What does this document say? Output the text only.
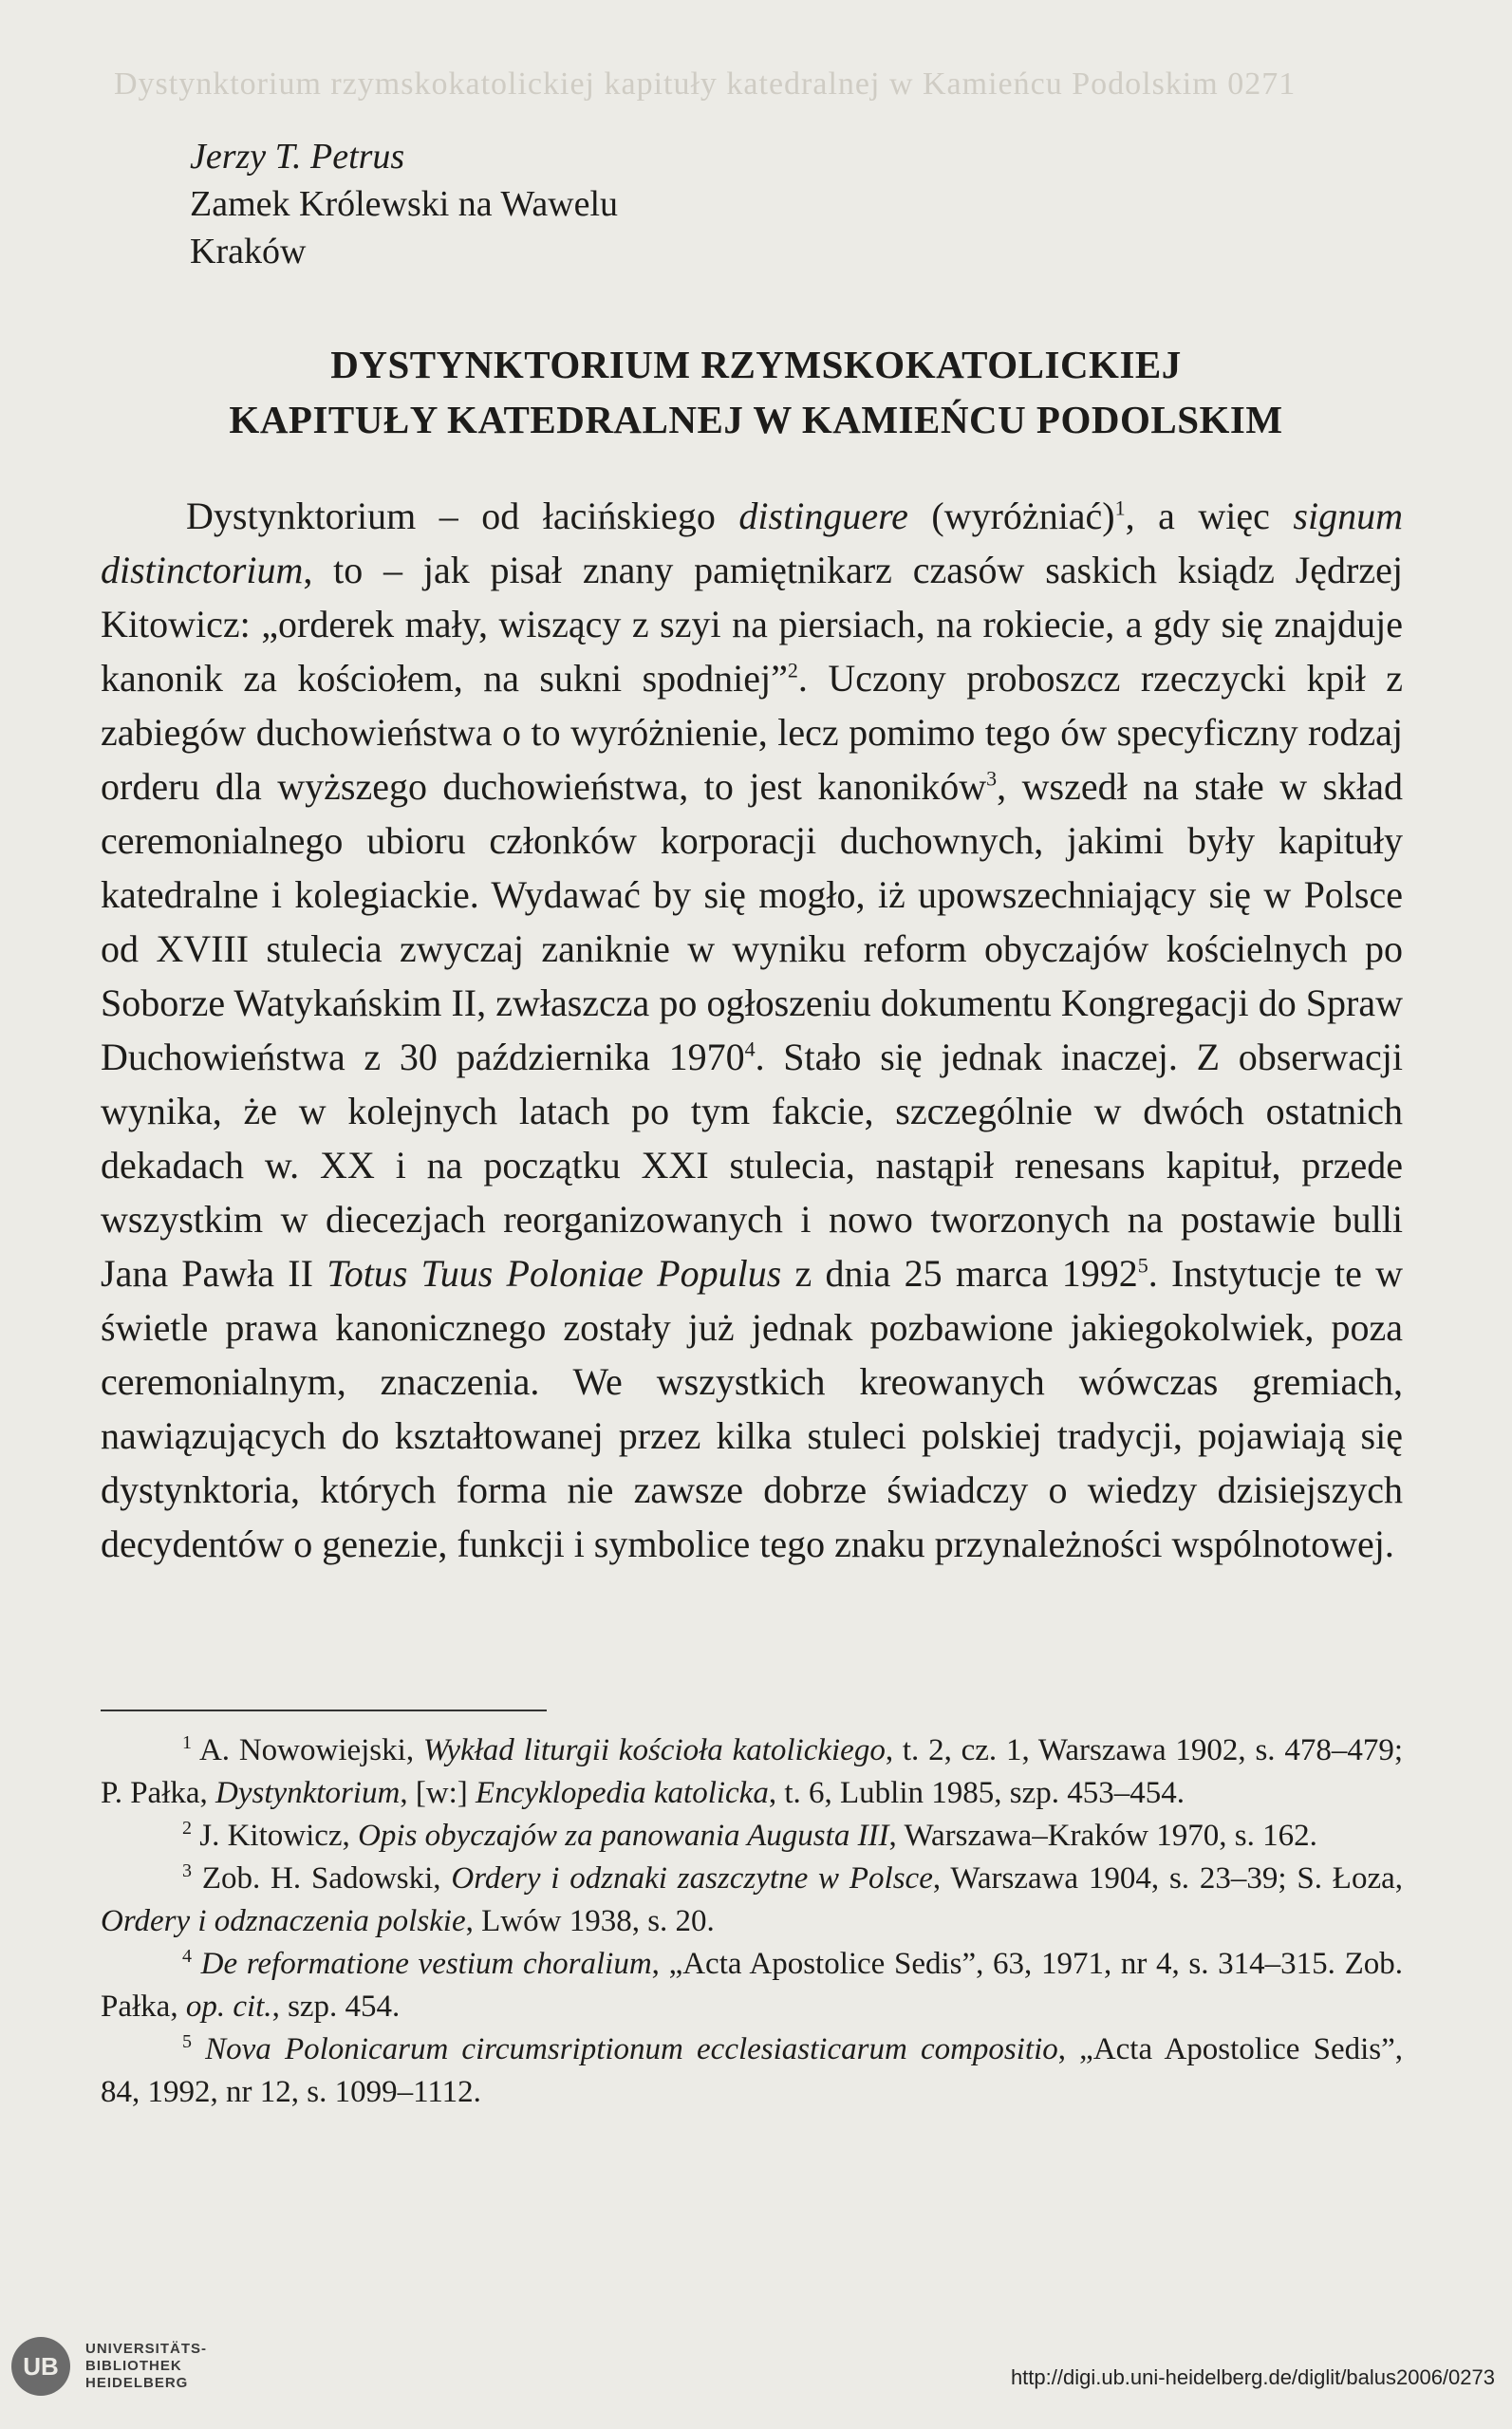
Dystynktorium rzymskokatolickiej kapituły katedralnej w Kamieńcu Podolskim 0271
Jerzy T. Petrus
Zamek Królewski na Wawelu
Kraków
DYSTYNKTORIUM RZYMSKOKATOLICKIEJ
KAPITUŁY KATEDRALNEJ W KAMIEŃCU PODOLSKIM

Dystynktorium – od łacińskiego distinguere (wyróżniać)$^1$, a więc signum distinctorium, to – jak pisał znany pamiętnikarz czasów saskich ksiądz Jędrzej Kitowicz: „orderek mały, wiszący z szyi na piersiach, na rokiecie, a gdy się znajduje kanonik za kościołem, na sukni spodniej”$^2$. Uczony proboszcz rzeczycki kpił z zabiegów duchowieństwa o to wyróżnienie, lecz pomimo tego ów specyficzny rodzaj orderu dla wyższego duchowieństwa, to jest kanoników$^3$, wszedł na stałe w skład ceremonialnego ubioru członków korporacji duchownych, jakimi były kapituły katedralne i kolegiackie. Wydawać by się mogło, iż upowszechniający się w Polsce od XVIII stulecia zwyczaj zaniknie w wyniku reform obyczajów kościelnych po Soborze Watykańskim II, zwłaszcza po ogłoszeniu dokumentu Kongregacji do Spraw Duchowieństwa z 30 października 1970$^4$. Stało się jednak inaczej. Z obserwacji wynika, że w kolejnych latach po tym fakcie, szczególnie w dwóch ostatnich dekadach w. XX i na początku XXI stulecia, nastąpił renesans kapituł, przede wszystkim w diecezjach reorganizowanych i nowo tworzonych na postawie bulli Jana Pawła II Totus Tuus Poloniae Populus z dnia 25 marca 1992$^5$. Instytucje te w świetle prawa kanonicznego zostały już jednak pozbawione jakiegokolwiek, poza ceremonialnym, znaczenia. We wszystkich kreowanych wówczas gremiach, nawiązujących do kształtowanej przez kilka stuleci polskiej tradycji, pojawiają się dystynktoria, których forma nie zawsze dobrze świadczy o wiedzy dzisiejszych decydentów o genezie, funkcji i symbolice tego znaku przynależności wspólnotowej.

$^1$ A. Nowowiejski, Wykład liturgii kościoła katolickiego, t. 2, cz. 1, Warszawa 1902, s. 478–479; P. Pałka, Dystynktorium, [w:] Encyklopedia katolicka, t. 6, Lublin 1985, szp. 453–454.

$^2$ J. Kitowicz, Opis obyczajów za panowania Augusta III, Warszawa–Kraków 1970, s. 162.

$^3$ Zob. H. Sadowski, Ordery i odznaki zaszczytne w Polsce, Warszawa 1904, s. 23–39; S. Łoza, Ordery i odznaczenia polskie, Lwów 1938, s. 20.

$^4$ De reformatione vestium choralium, „Acta Apostolice Sedis”, 63, 1971, nr 4, s. 314–315. Zob. Pałka, op. cit., szp. 454.

$^5$ Nova Polonicarum circumsriptionum ecclesiasticarum compositio, „Acta Apostolice Sedis”, 84, 1992, nr 12, s. 1099–1112.

UB
UNIVERSITÄTS-
BIBLIOTHEK
HEIDELBERG	http://digi.ub.uni-heidelberg.de/diglit/balus2006/0273
